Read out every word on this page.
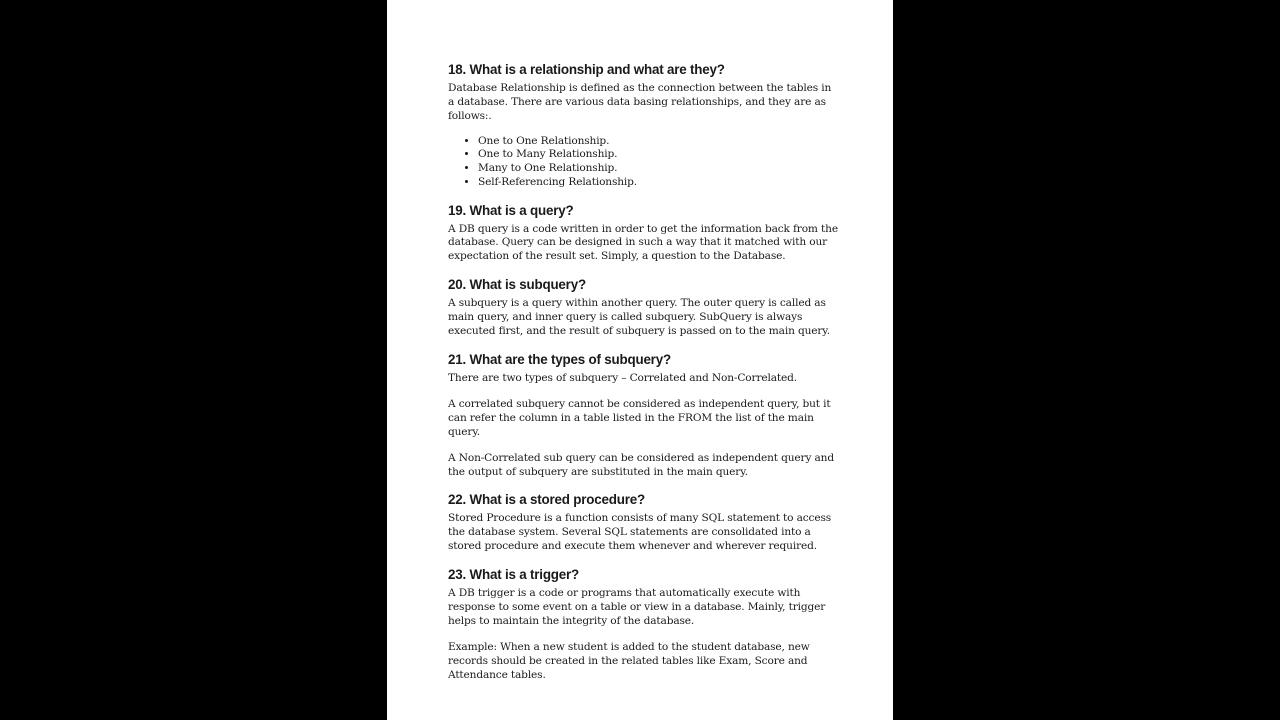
18. What is a relationship and what are they?

Database Relationship is defined as the connection between the tables in a database. There are various data basing relationships, and they are as follows:.

• One to One Relationship.
• One to Many Relationship.
• Many to One Relationship.
• Self-Referencing Relationship.
19. What is a query?

A DB query is a code written in order to get the information back from the database. Query can be designed in such a way that it matched with our expectation of the result set. Simply, a question to the Database.

20. What is subquery?

A subquery is a query within another query. The outer query is called as main query, and inner query is called subquery. SubQuery is always executed first, and the result of subquery is passed on to the main query.

21. What are the types of subquery?

There are two types of subquery – Correlated and Non-Correlated.

A correlated subquery cannot be considered as independent query, but it can refer the column in a table listed in the FROM the list of the main query.

A Non-Correlated sub query can be considered as independent query and the output of subquery are substituted in the main query.

22. What is a stored procedure?

Stored Procedure is a function consists of many SQL statement to access the database system. Several SQL statements are consolidated into a stored procedure and execute them whenever and wherever required.

23. What is a trigger?

A DB trigger is a code or programs that automatically execute with response to some event on a table or view in a database. Mainly, trigger helps to maintain the integrity of the database.

Example: When a new student is added to the student database, new records should be created in the related tables like Exam, Score and Attendance tables.
